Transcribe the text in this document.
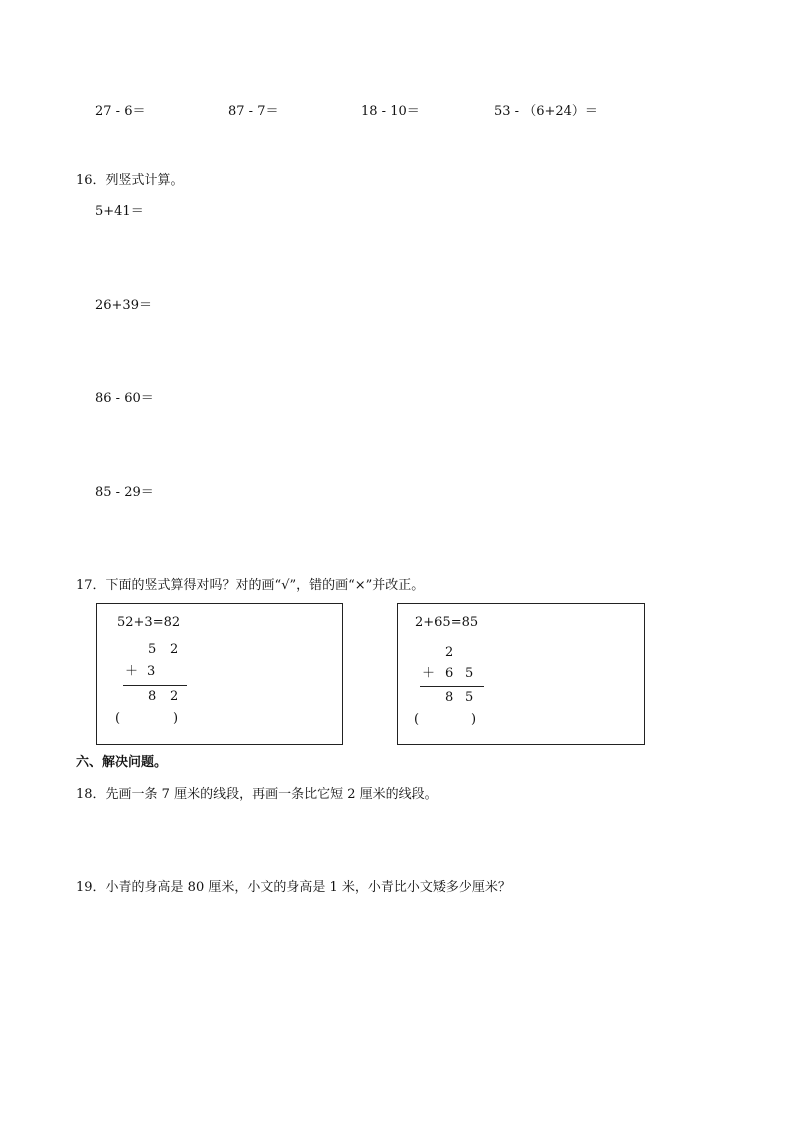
27 - 6＝	87 - 7＝	18 - 10＝	53 - （6+24）＝
16．列竖式计算。
5+41＝
26+39＝
86 - 60＝
85 - 29＝
17．下面的竖式算得对吗？对的画“√”，错的画“×”并改正。
52+3=82
5 2
＋ 3
8 2
(	)
2+65=85
2
＋ 6 5
8 5
(	)
六、解决问题。
18．先画一条 7 厘米的线段，再画一条比它短 2 厘米的线段。
19．小青的身高是 80 厘米，小文的身高是 1 米，小青比小文矮多少厘米？
